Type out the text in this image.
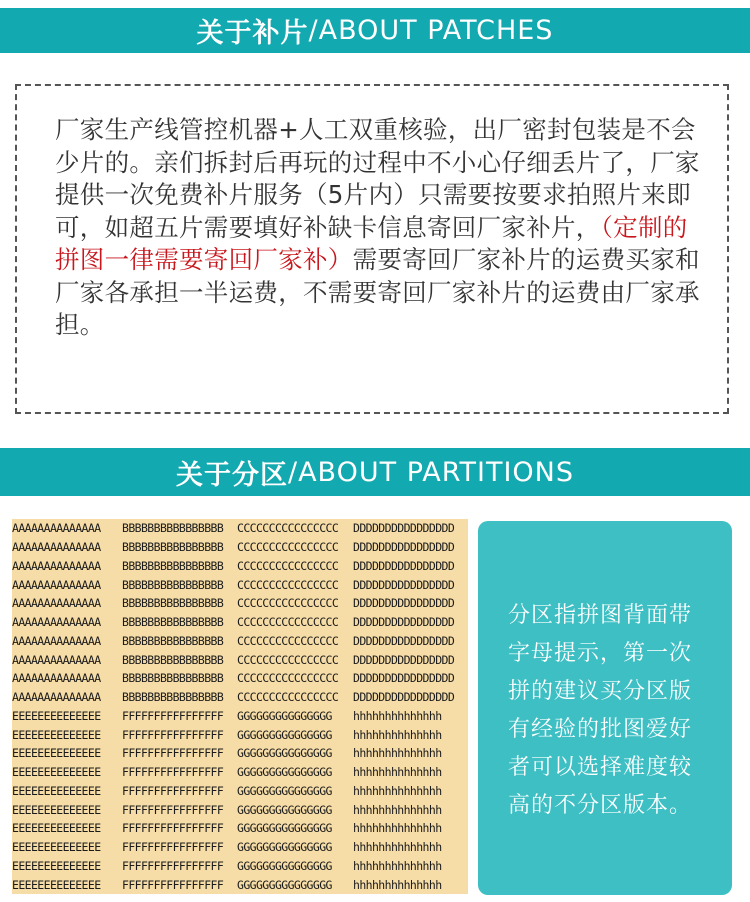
关于补片 /ABOUT PATCHES
厂家生产线管控机器+人工双重核验，出厂密封包装是不会少片的。亲们拆封后再玩的过程中不小心仔细丢片了，厂家提供一次免费补片服务（5片内）只需要按要求拍照片来即可，如超五片需要填好补缺卡信息寄回厂家补片，（定制的拼图一律需要寄回厂家补）需要寄回厂家补片的运费买家和厂家各承担一半运费，不需要寄回厂家补片的运费由厂家承担。
关于分区 /ABOUT PARTITIONS
AAAAAAAAAAAAAA	BBBBBBBBBBBBBBBB	CCCCCCCCCCCCCCCC	DDDDDDDDDDDDDDDD
AAAAAAAAAAAAAA	BBBBBBBBBBBBBBBB	CCCCCCCCCCCCCCCC	DDDDDDDDDDDDDDDD
AAAAAAAAAAAAAA	BBBBBBBBBBBBBBBB	CCCCCCCCCCCCCCCC	DDDDDDDDDDDDDDDD
AAAAAAAAAAAAAA	BBBBBBBBBBBBBBBB	CCCCCCCCCCCCCCCC	DDDDDDDDDDDDDDDD
AAAAAAAAAAAAAA	BBBBBBBBBBBBBBBB	CCCCCCCCCCCCCCCC	DDDDDDDDDDDDDDDD
AAAAAAAAAAAAAA	BBBBBBBBBBBBBBBB	CCCCCCCCCCCCCCCC	DDDDDDDDDDDDDDDD
AAAAAAAAAAAAAA	BBBBBBBBBBBBBBBB	CCCCCCCCCCCCCCCC	DDDDDDDDDDDDDDDD
AAAAAAAAAAAAAA	BBBBBBBBBBBBBBBB	CCCCCCCCCCCCCCCC	DDDDDDDDDDDDDDDD
AAAAAAAAAAAAAA	BBBBBBBBBBBBBBBB	CCCCCCCCCCCCCCCC	DDDDDDDDDDDDDDDD
AAAAAAAAAAAAAA	BBBBBBBBBBBBBBBB	CCCCCCCCCCCCCCCC	DDDDDDDDDDDDDDDD
EEEEEEEEEEEEEE	FFFFFFFFFFFFFFFF	GGGGGGGGGGGGGGG	hhhhhhhhhhhhhh
EEEEEEEEEEEEEE	FFFFFFFFFFFFFFFF	GGGGGGGGGGGGGGG	hhhhhhhhhhhhhh
EEEEEEEEEEEEEE	FFFFFFFFFFFFFFFF	GGGGGGGGGGGGGGG	hhhhhhhhhhhhhh
EEEEEEEEEEEEEE	FFFFFFFFFFFFFFFF	GGGGGGGGGGGGGGG	hhhhhhhhhhhhhh
EEEEEEEEEEEEEE	FFFFFFFFFFFFFFFF	GGGGGGGGGGGGGGG	hhhhhhhhhhhhhh
EEEEEEEEEEEEEE	FFFFFFFFFFFFFFFF	GGGGGGGGGGGGGGG	hhhhhhhhhhhhhh
EEEEEEEEEEEEEE	FFFFFFFFFFFFFFFF	GGGGGGGGGGGGGGG	hhhhhhhhhhhhhh
EEEEEEEEEEEEEE	FFFFFFFFFFFFFFFF	GGGGGGGGGGGGGGG	hhhhhhhhhhhhhh
EEEEEEEEEEEEEE	FFFFFFFFFFFFFFFF	GGGGGGGGGGGGGGG	hhhhhhhhhhhhhh
EEEEEEEEEEEEEE	FFFFFFFFFFFFFFFF	GGGGGGGGGGGGGGG	hhhhhhhhhhhhhh
分区指拼图背面带字母提示，第一次拼的建议买分区版有经验的批图爱好者可以选择难度较高的不分区版本。
